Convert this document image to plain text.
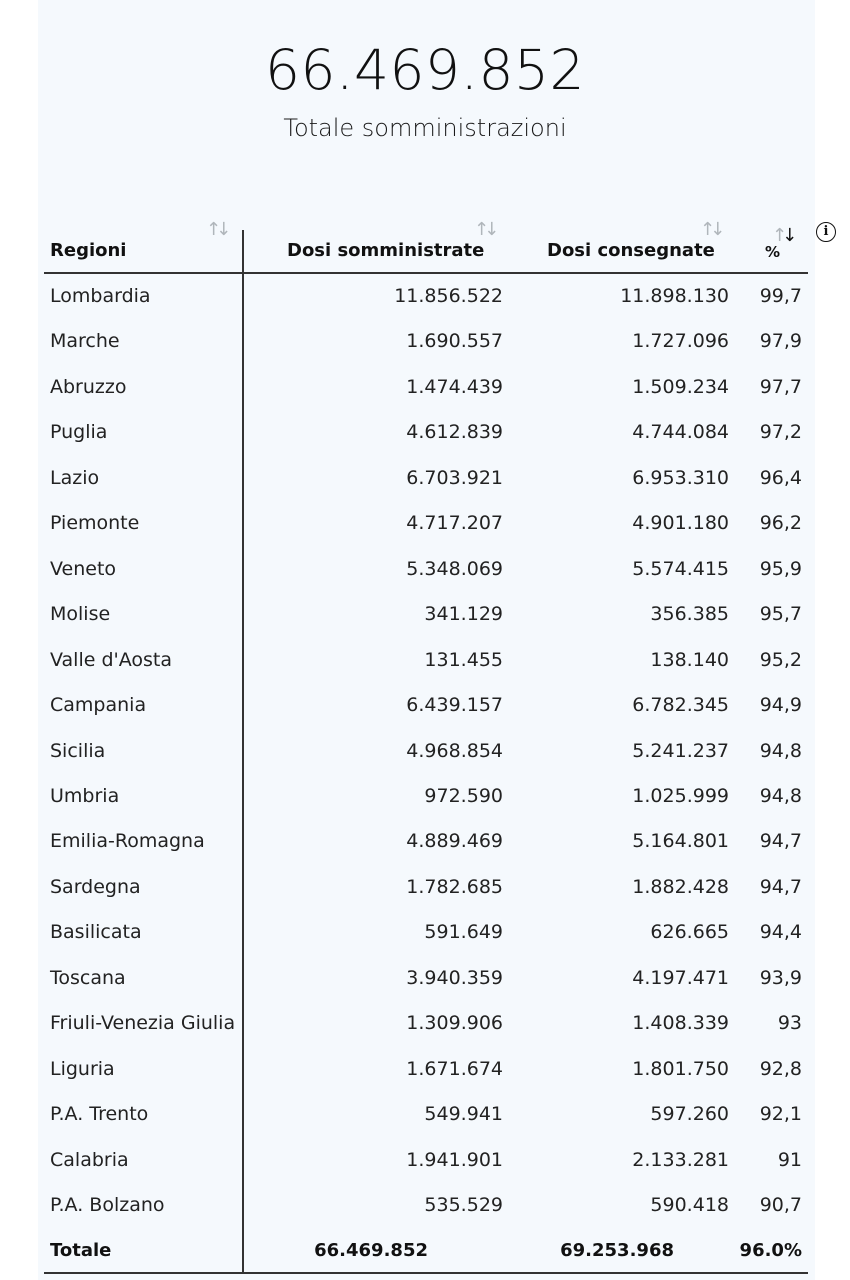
66.469.852
Totale somministrazioni
i
Regioni
↑↓
Dosi somministrate
↑↓
Dosi consegnate
↑↓
%
↑↓
Lombardia	11.856.522	11.898.130 99,7
Marche	1.690.557	1.727.096 97,9
Abruzzo	1.474.439	1.509.234 97,7
Puglia	4.612.839	4.744.084 97,2
Lazio	6.703.921	6.953.310 96,4
Piemonte	4.717.207	4.901.180 96,2
Veneto	5.348.069	5.574.415 95,9
Molise	341.129	356.385 95,7
Valle d'Aosta	131.455	138.140 95,2
Campania	6.439.157	6.782.345 94,9
Sicilia	4.968.854	5.241.237 94,8
Umbria	972.590	1.025.999 94,8
Emilia-Romagna	4.889.469	5.164.801 94,7
Sardegna	1.782.685	1.882.428 94,7
Basilicata	591.649	626.665 94,4
Toscana	3.940.359	4.197.471 93,9
Friuli-Venezia Giulia	1.309.906	1.408.339	93
Liguria	1.671.674	1.801.750 92,8
P.A. Trento	549.941	597.260 92,1
Calabria	1.941.901	2.133.281	91
P.A. Bolzano	535.529	590.418 90,7
Totale	66.469.852	69.253.968	96.0%
